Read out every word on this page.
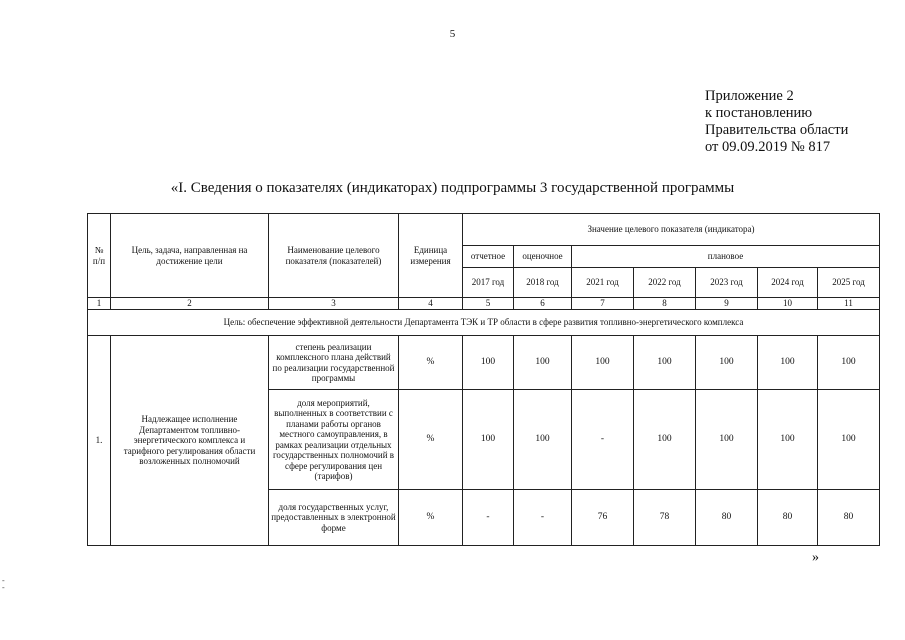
5
Приложение 2
к постановлению
Правительства области
от 09.09.2019 № 817
«I. Сведения о показателях (индикаторах) подпрограммы 3 государственной программы
№ п/п	Цель, задача, направленная на достижение цели	Наименование целевого показателя (показателей)	Единица измерения	Значение целевого показателя (индикатора)						
				отчетное	оценочное	плановое				
				2017 год	2018 год	2021 год	2022 год	2023 год	2024 год	2025 год
1	2	3	4	5	6	7	8	9	10	11
Цель: обеспечение эффективной деятельности Департамента ТЭК и ТР области в сфере развития топливно-энергетического комплекса										
1.	Надлежащее исполнение Департаментом топливно-энергетического комплекса и тарифного регулирования области возложенных полномочий	степень реализации комплексного плана действий по реализации государственной программы	%	100	100	100	100	100	100	100
		доля мероприятий, выполненных в соответствии с планами работы органов местного самоуправления, в рамках реализации отдельных государственных полномочий в сфере регулирования цен (тарифов)	%	100	100	-	100	100	100	100
		доля государственных услуг, предоставленных в электронной форме	%	-	-	76	78	80	80	80
»
-
-
